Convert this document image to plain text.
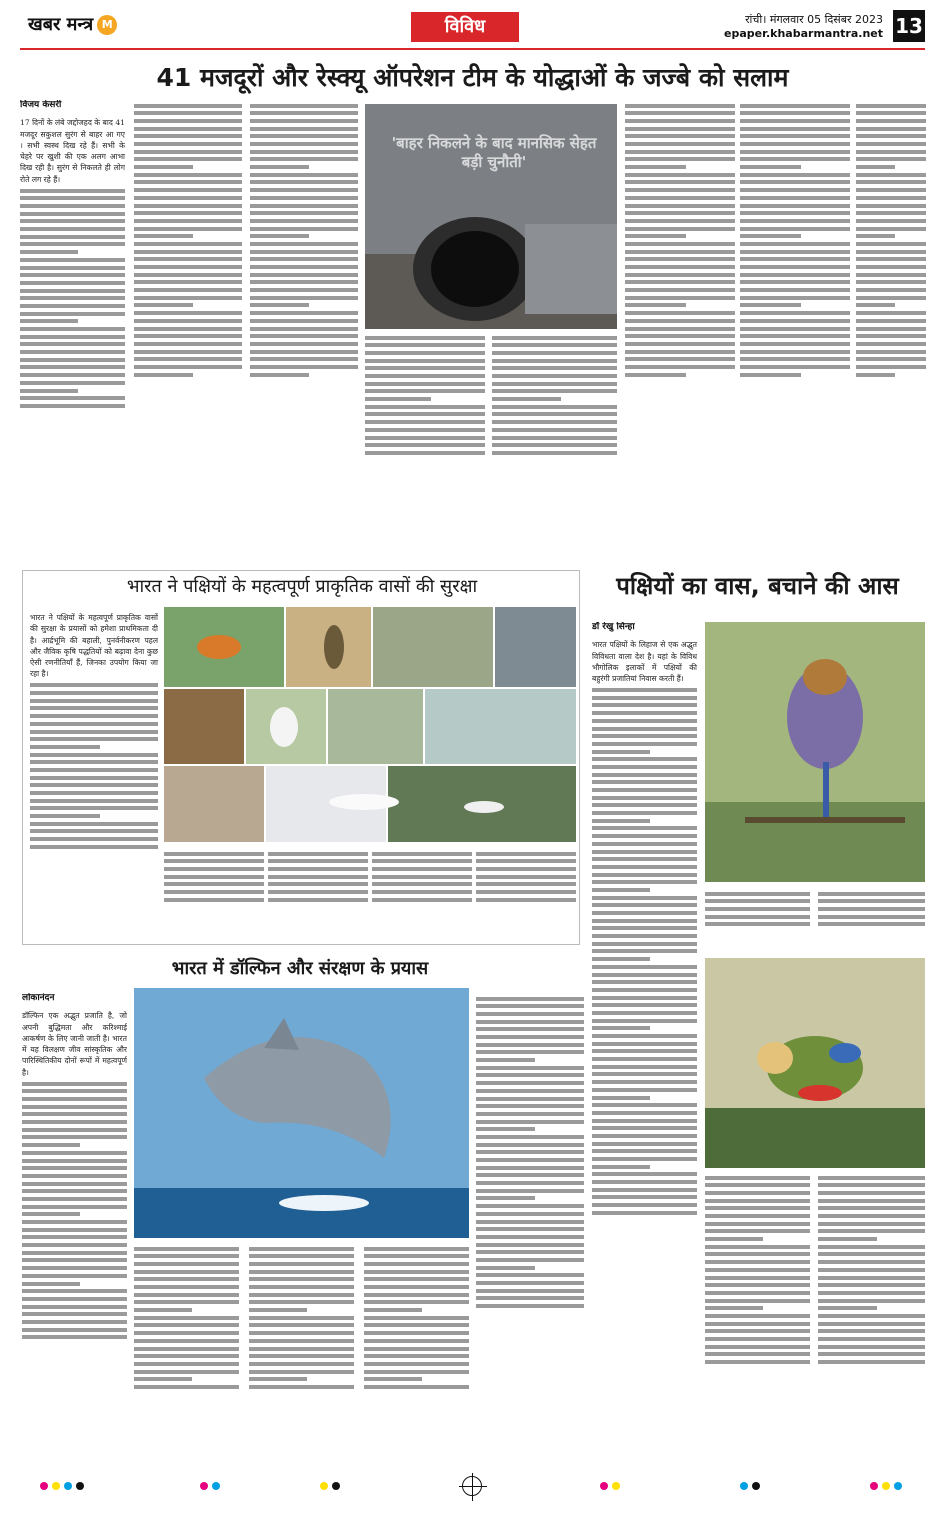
खबर मन्त्र M	विविध	रांची। मंगलवार 05 दिसंबर 2023
epaper.khabarmantra.net 13
41 मजदूरों और रेस्क्यू ऑपरेशन टीम के योद्धाओं के जज्बे को सलाम
विजय केसरी
17 दिनों के लंबे जद्दोजहद के बाद 41 मजदूर सकुशल सुरंग से बाहर आ गए । सभी स्वस्थ दिख रहे हैं। सभी के चेहरे पर खुशी की एक अलग आभा दिख रही है। सुरंग से निकलते ही लोग रोते लग रहे हैं।
'बाहर निकलने के बाद मानसिक सेहत बड़ी चुनौती'
भारत ने पक्षियों के महत्वपूर्ण प्राकृतिक वासों की सुरक्षा
भारत ने पक्षियों के महत्वपूर्ण प्राकृतिक वासों की सुरक्षा के प्रयासों को हमेशा प्राथमिकता दी है। आर्द्रभूमि की बहाली, पुनर्वनीकरण पहल और जैविक कृषि पद्धतियों को बढ़ावा देना कुछ ऐसी रणनीतियाँ हैं, जिनका उपयोग किया जा रहा है।
पक्षियों का वास, बचाने की आस
डॉ रेखु सिन्हा
भारत पक्षियों के लिहाज से एक अद्भुत विविधता वाला देश है। यहां के विविध भौगोलिक इलाकों में पक्षियों की बहुरंगी प्रजातियां निवास करती हैं।
भारत में डॉल्फिन और संरक्षण के प्रयास
लोकानंदन
डॉल्फिन एक अद्भुत प्रजाति है, जो अपनी बुद्धिमता और करिश्माई आकर्षण के लिए जानी जाती है। भारत में यह विलक्षण जीव सांस्कृतिक और पारिस्थितिकीय दोनों रूपों में महत्वपूर्ण है।
